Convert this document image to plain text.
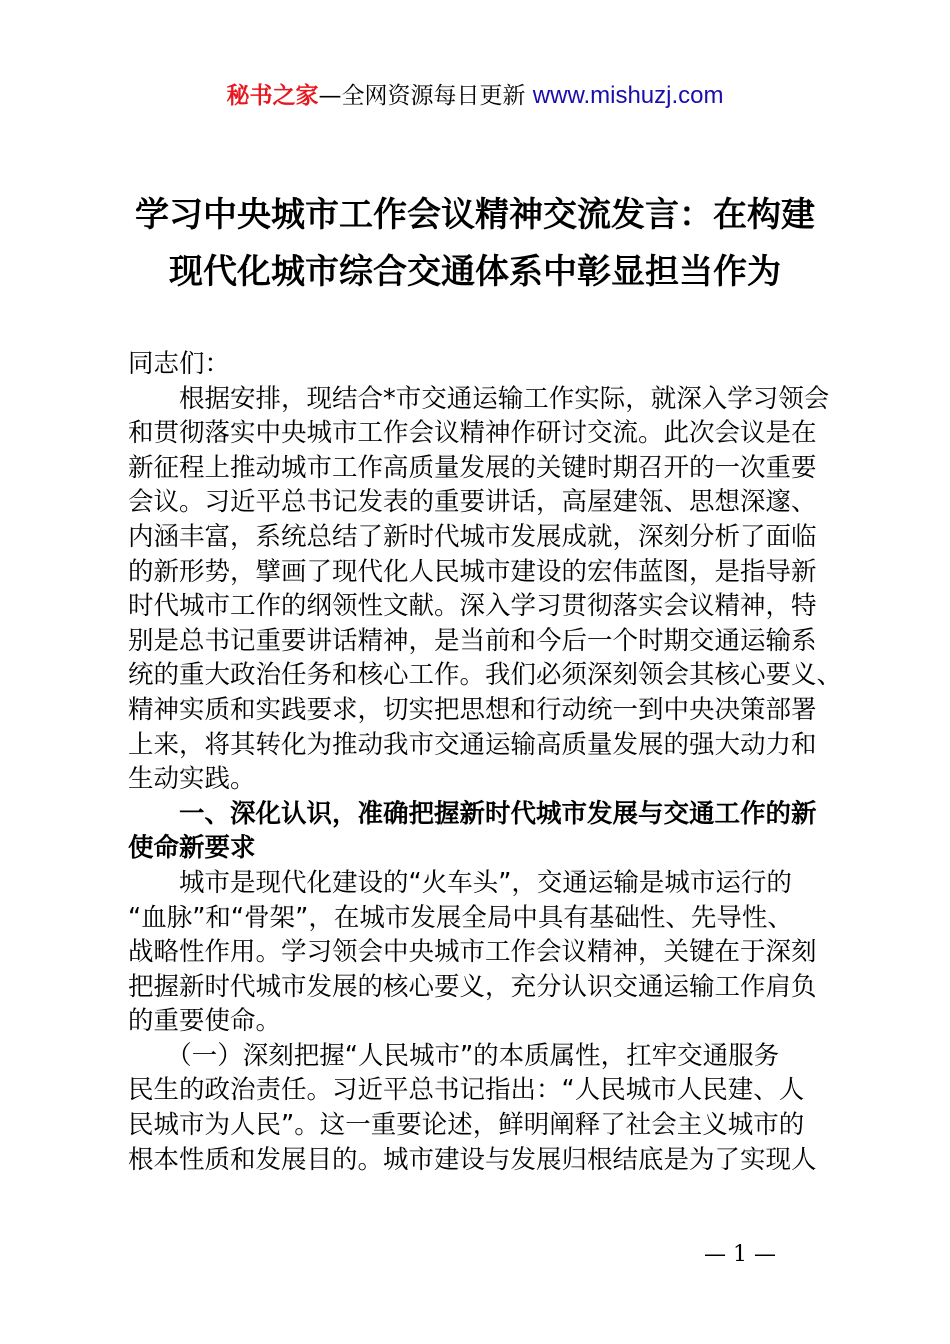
秘书之家—全网资源每日更新 www.mishuzj.com
学习中央城市工作会议精神交流发言：在构建
现代化城市综合交通体系中彰显担当作为
同志们：
　　根据安排，现结合*市交通运输工作实际，就深入学习领会
和贯彻落实中央城市工作会议精神作研讨交流。此次会议是在
新征程上推动城市工作高质量发展的关键时期召开的一次重要
会议。习近平总书记发表的重要讲话，高屋建瓴、思想深邃、
内涵丰富，系统总结了新时代城市发展成就，深刻分析了面临
的新形势，擘画了现代化人民城市建设的宏伟蓝图，是指导新
时代城市工作的纲领性文献。深入学习贯彻落实会议精神，特
别是总书记重要讲话精神，是当前和今后一个时期交通运输系
统的重大政治任务和核心工作。我们必须深刻领会其核心要义、
精神实质和实践要求，切实把思想和行动统一到中央决策部署
上来，将其转化为推动我市交通运输高质量发展的强大动力和
生动实践。
　　一、深化认识，准确把握新时代城市发展与交通工作的新
使命新要求
　　城市是现代化建设的“火车头”，交通运输是城市运行的
“血脉”和“骨架”，在城市发展全局中具有基础性、先导性、
战略性作用。学习领会中央城市工作会议精神，关键在于深刻
把握新时代城市发展的核心要义，充分认识交通运输工作肩负
的重要使命。
　　（一）深刻把握“人民城市”的本质属性，扛牢交通服务
民生的政治责任。习近平总书记指出：“人民城市人民建、人
民城市为人民”。这一重要论述，鲜明阐释了社会主义城市的
根本性质和发展目的。城市建设与发展归根结底是为了实现人
— 1 —
